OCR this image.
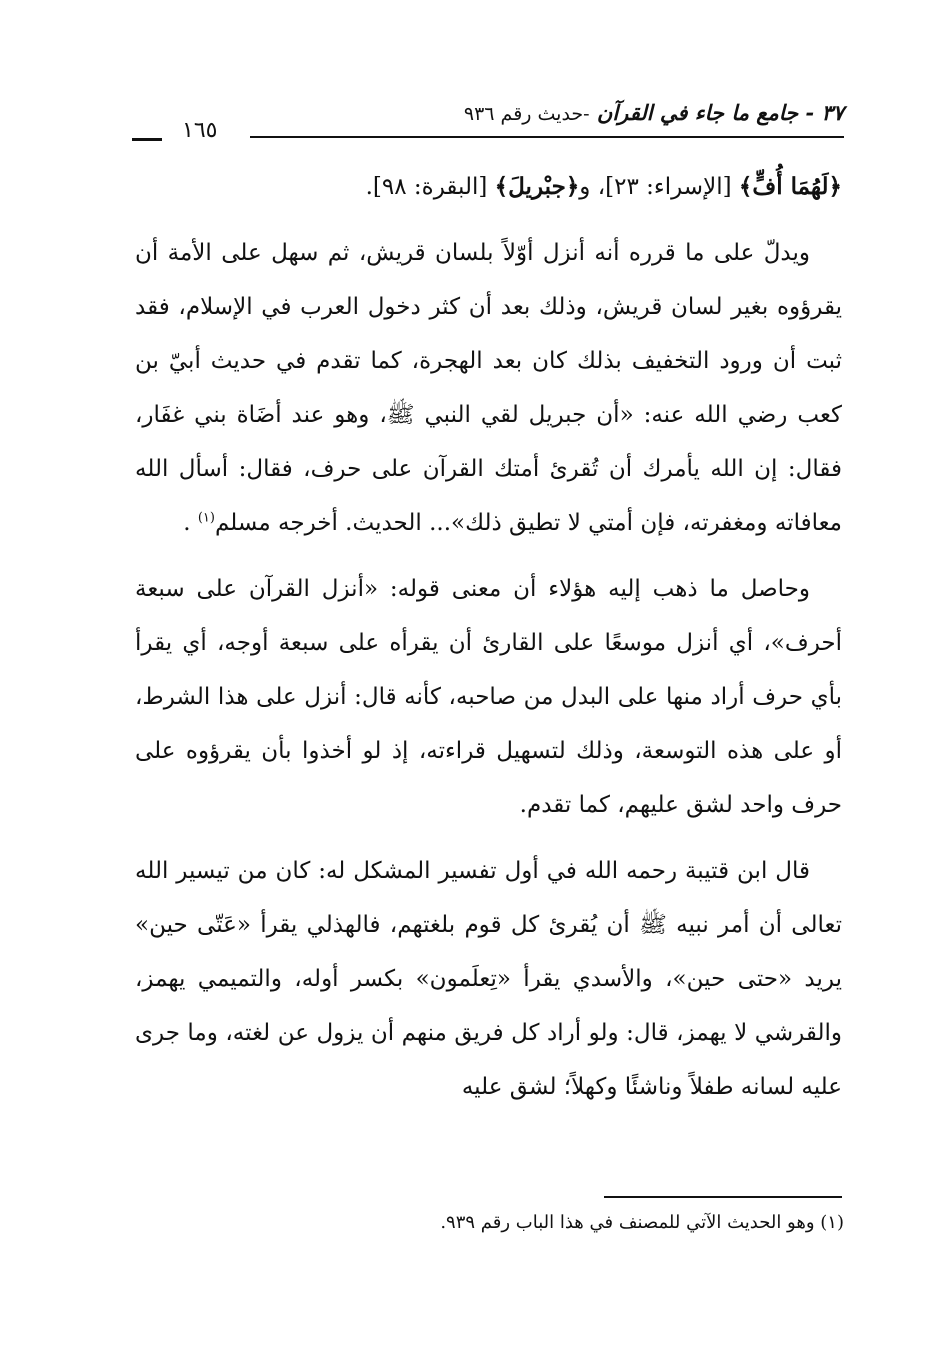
٣٧ - جامع ما جاء في القرآن -حديث رقم ٩٣٦
١٦٥

﴿لَهُمَا أُفٍّ﴾ [الإسراء: ٢٣]، و﴿جبْريلَ﴾ [البقرة: ٩٨].

ويدلّ على ما قرره أنه أنزل أوّلاً بلسان قريش، ثم سهل على الأمة أن يقرؤوه بغير لسان قريش، وذلك بعد أن كثر دخول العرب في الإسلام، فقد ثبت أن ورود التخفيف بذلك كان بعد الهجرة، كما تقدم في حديث أبيّ بن كعب رضي الله عنه: «أن جبريل لقي النبي ﷺ، وهو عند أضَاة بني غفَار، فقال: إن الله يأمرك أن تُقرئ أمتك القرآن على حرف، فقال: أسأل الله معافاته ومغفرته، فإن أمتي لا تطيق ذلك»... الحديث. أخرجه مسلم$^{(١)}$ .

وحاصل ما ذهب إليه هؤلاء أن معنى قوله: «أنزل القرآن على سبعة أحرف»، أي أنزل موسعًا على القارئ أن يقرأه على سبعة أوجه، أي يقرأ بأي حرف أراد منها على البدل من صاحبه، كأنه قال: أنزل على هذا الشرط، أو على هذه التوسعة، وذلك لتسهيل قراءته، إذ لو أخذوا بأن يقرؤوه على حرف واحد لشق عليهم، كما تقدم.

قال ابن قتيبة رحمه الله في أول تفسير المشكل له: كان من تيسير الله تعالى أن أمر نبيه ﷺ أن يُقرئ كل قوم بلغتهم، فالهذلي يقرأ «عَتّى حين» يريد «حتى حين»، والأسدي يقرأ «تِعلَمون» بكسر أوله، والتميمي يهمز، والقرشي لا يهمز، قال: ولو أراد كل فريق منهم أن يزول عن لغته، وما جرى عليه لسانه طفلاً وناشئًا وكهلاً؛ لشق عليه

(١) وهو الحديث الآتي للمصنف في هذا الباب رقم ٩٣٩.
